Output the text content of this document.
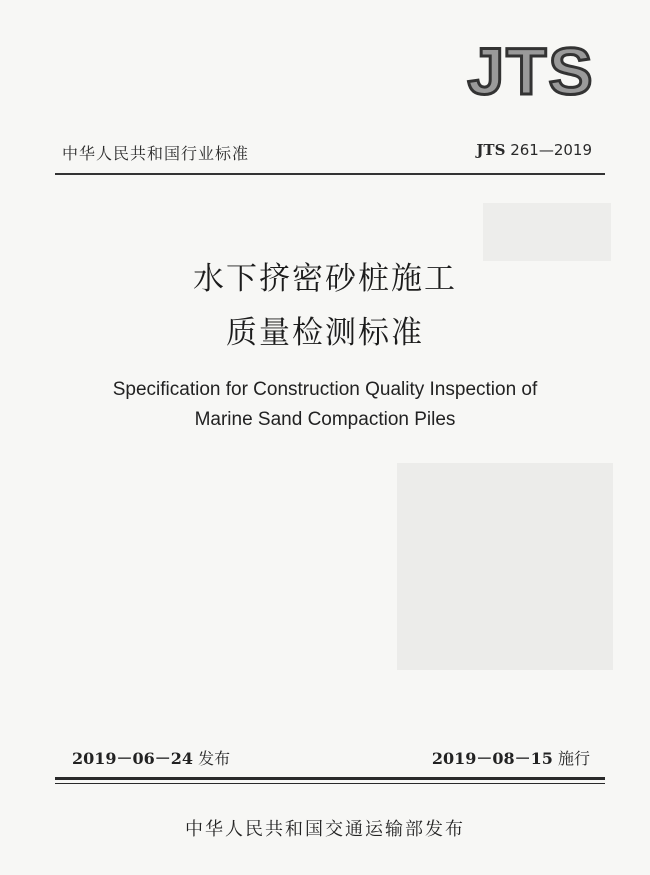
JTS
中华人民共和国行业标准	JTS 261—2019
水下挤密砂桩施工
质量检测标准
Specification for Construction Quality Inspection of
Marine Sand Compaction Piles
2019－06－24 发布	2019－08－15 施行
中华人民共和国交通运输部发布
